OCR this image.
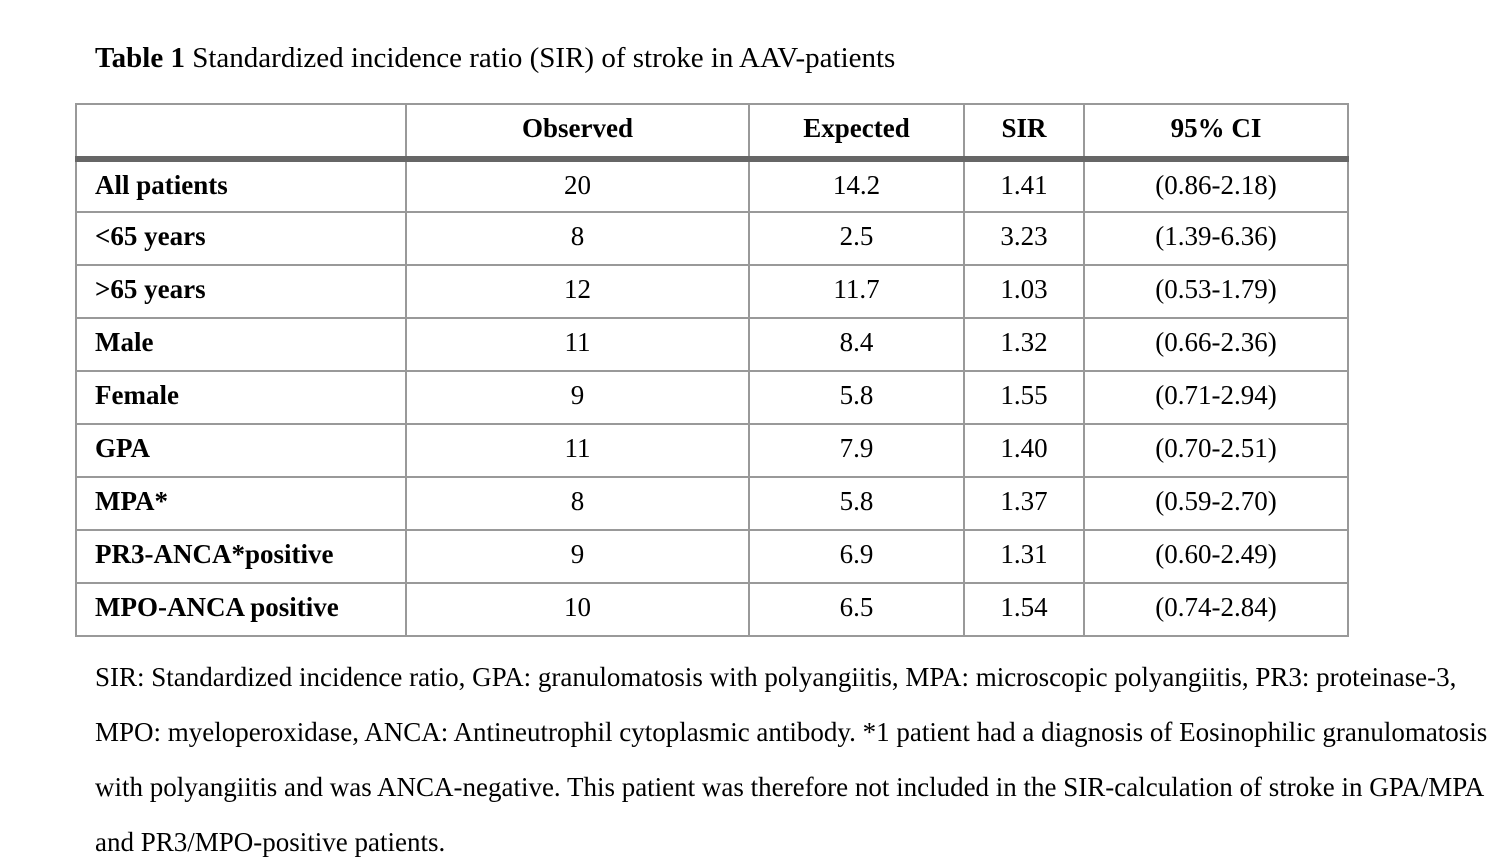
Table 1 Standardized incidence ratio (SIR) of stroke in AAV-patients
	Observed	Expected	SIR	95% CI
All patients	20	14.2	1.41	(0.86-2.18)
<65 years	8	2.5	3.23	(1.39-6.36)
>65 years	12	11.7	1.03	(0.53-1.79)
Male	11	8.4	1.32	(0.66-2.36)
Female	9	5.8	1.55	(0.71-2.94)
GPA	11	7.9	1.40	(0.70-2.51)
MPA*	8	5.8	1.37	(0.59-2.70)
PR3-ANCA*positive	9	6.9	1.31	(0.60-2.49)
MPO-ANCA positive	10	6.5	1.54	(0.74-2.84)
SIR: Standardized incidence ratio, GPA: granulomatosis with polyangiitis, MPA: microscopic polyangiitis, PR3: proteinase-3, MPO: myeloperoxidase, ANCA: Antineutrophil cytoplasmic antibody. *1 patient had a diagnosis of Eosinophilic granulomatosis with polyangiitis and was ANCA-negative. This patient was therefore not included in the SIR-calculation of stroke in GPA/MPA and PR3/MPO-positive patients.
